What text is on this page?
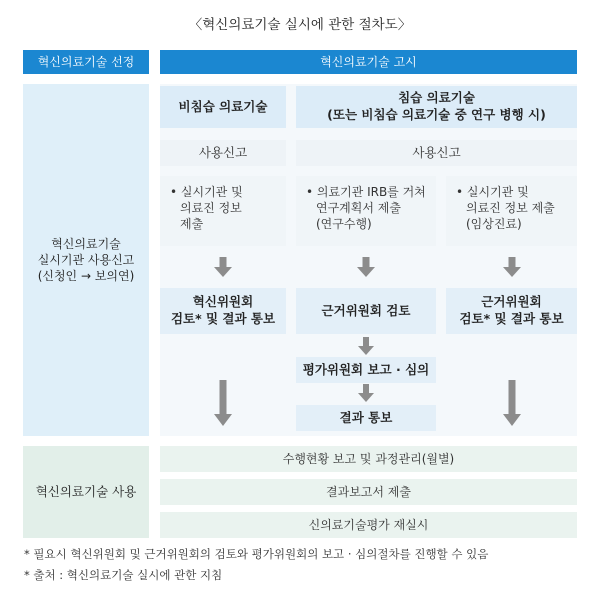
〈혁신의료기술 실시에 관한 절차도〉
혁신의료기술 선정	혁신의료기술 고시
혁신의료기술
실시기관 사용신고
(신청인 → 보의연)
비침습 의료기술
침습 의료기술
(또는 비침습 의료기술 중 연구 병행 시)
사용신고	사용신고
• 실시기관 및
의료진 정보
제출
• 의료기관 IRB를 거쳐
연구계획서 제출
(연구수행)
• 실시기관 및
의료진 정보 제출
(임상진료)
혁신위원회
검토* 및 결과 통보
근거위원회 검토
근거위원회
검토* 및 결과 통보
평가위원회 보고 · 심의
결과 통보
혁신의료기술 사용
수행현황 보고 및 과정관리(월별)
결과보고서 제출
신의료기술평가 재실시
* 필요시 혁신위원회 및 근거위원회의 검토와 평가위원회의 보고 · 심의절차를 진행할 수 있음
* 출처 : 혁신의료기술 실시에 관한 지침
